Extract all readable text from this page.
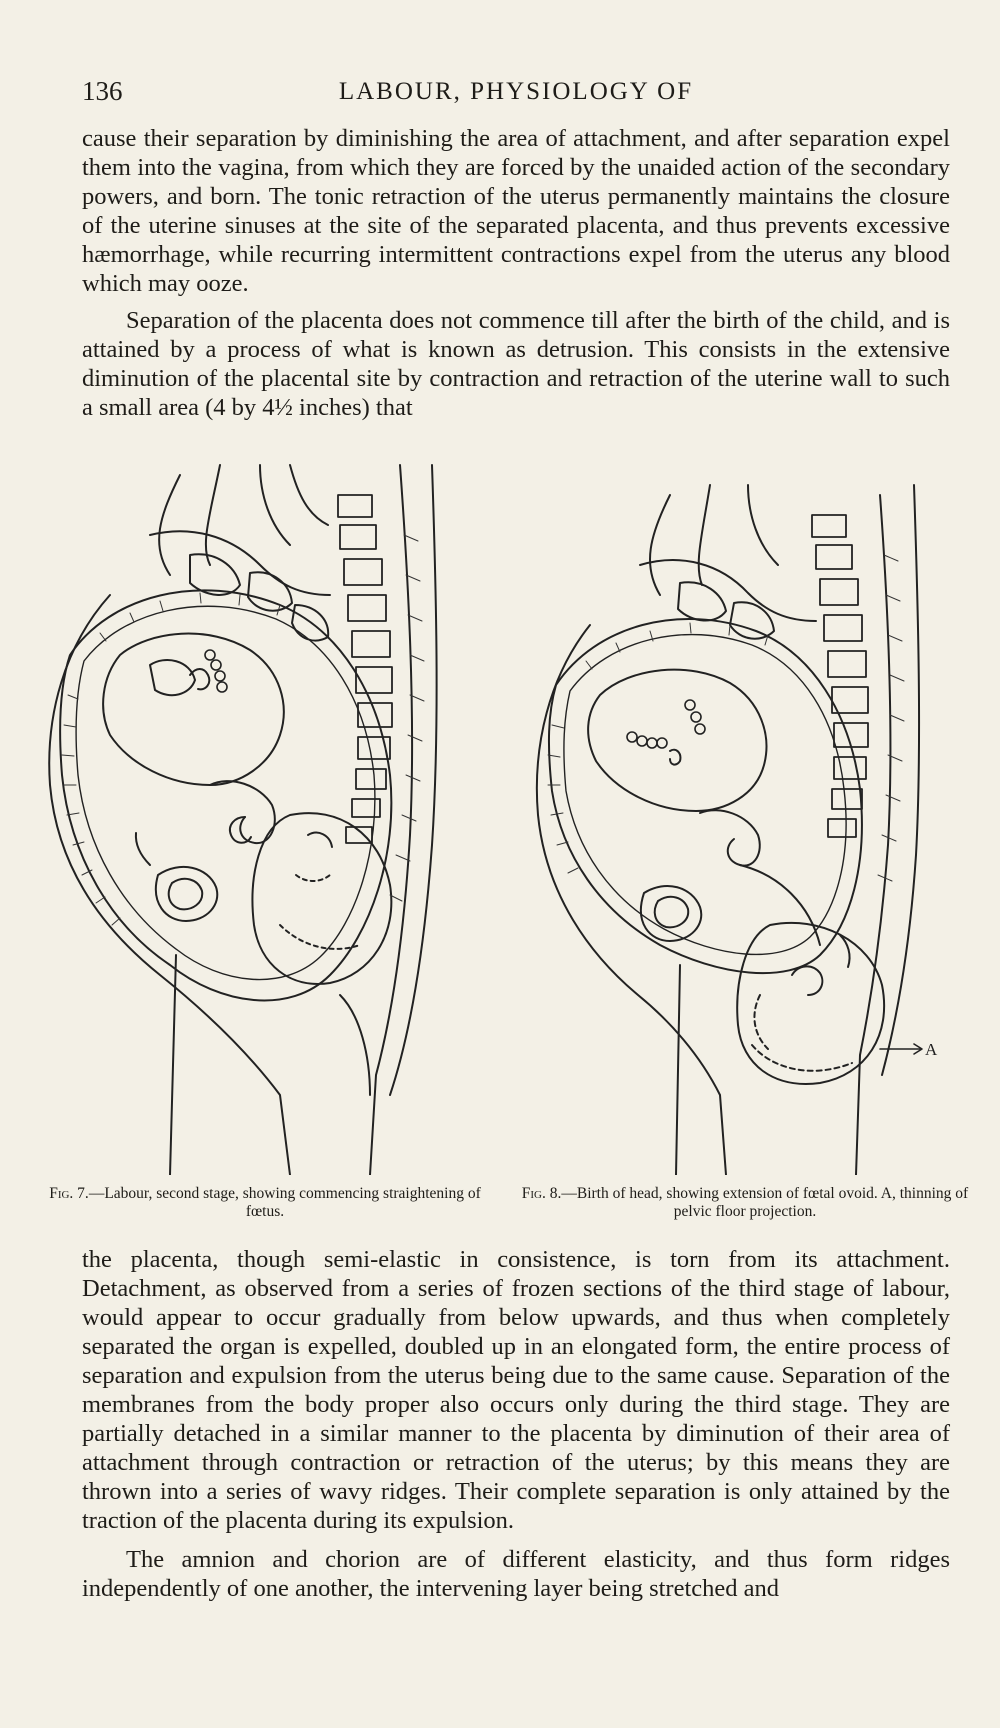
136	LABOUR, PHYSIOLOGY OF

cause their separation by diminishing the area of attachment, and after separation expel them into the vagina, from which they are forced by the unaided action of the secondary powers, and born. The tonic retraction of the uterus permanently maintains the closure of the uterine sinuses at the site of the separated placenta, and thus prevents excessive hæmorrhage, while recurring intermittent contractions expel from the uterus any blood which may ooze.

Separation of the placenta does not commence till after the birth of the child, and is attained by a process of what is known as detrusion. This consists in the extensive diminution of the placental site by contraction and retraction of the uterine wall to such a small area (4 by 4½ inches) that

Fig. 7.—Labour, second stage, showing commencing straightening of fœtus.
A
Fig. 8.—Birth of head, showing extension of fœtal ovoid. A, thinning of pelvic floor projection.

the placenta, though semi-elastic in consistence, is torn from its attachment. Detachment, as observed from a series of frozen sections of the third stage of labour, would appear to occur gradually from below upwards, and thus when completely separated the organ is expelled, doubled up in an elongated form, the entire process of separation and expulsion from the uterus being due to the same cause. Separation of the membranes from the body proper also occurs only during the third stage. They are partially detached in a similar manner to the placenta by diminution of their area of attachment through contraction or retraction of the uterus; by this means they are thrown into a series of wavy ridges. Their complete separation is only attained by the traction of the placenta during its expulsion.

The amnion and chorion are of different elasticity, and thus form ridges independently of one another, the intervening layer being stretched and
